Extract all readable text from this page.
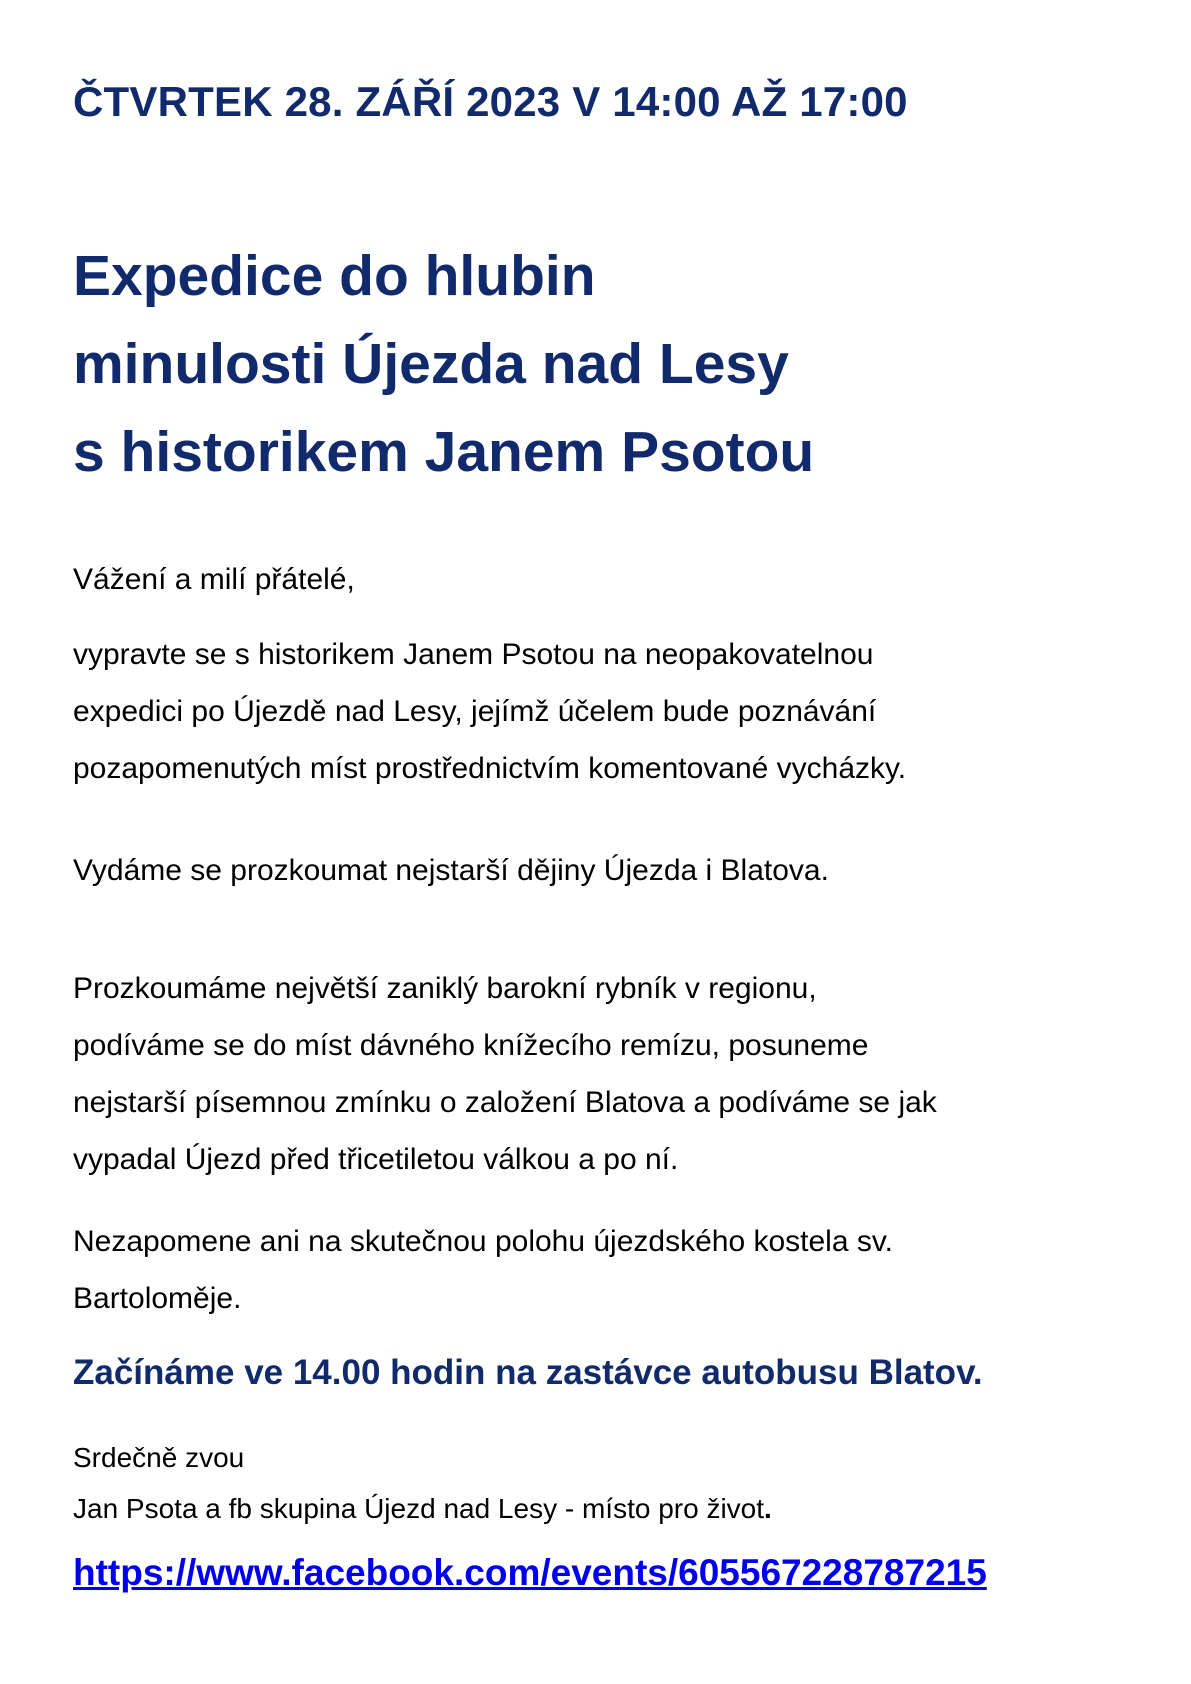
ČTVRTEK 28. ZÁŘÍ 2023 V 14:00 AŽ 17:00
Expedice do hlubin
minulosti Újezda nad Lesy
s historikem Janem Psotou
Vážení a milí přátelé,
vypravte se s historikem Janem Psotou na neopakovatelnou
expedici po Újezdě nad Lesy, jejímž účelem bude poznávání
pozapomenutých míst prostřednictvím komentované vycházky.
Vydáme se prozkoumat nejstarší dějiny Újezda i Blatova.
Prozkoumáme největší zaniklý barokní rybník v regionu,
podíváme se do míst dávného knížecího remízu, posuneme
nejstarší písemnou zmínku o založení Blatova a podíváme se jak
vypadal Újezd před třicetiletou válkou a po ní.
Nezapomene ani na skutečnou polohu újezdského kostela sv.
Bartoloměje.
Začínáme ve 14.00 hodin na zastávce autobusu Blatov.
Srdečně zvou
Jan Psota a fb skupina Újezd nad Lesy - místo pro život.
https://www.facebook.com/events/605567228787215
